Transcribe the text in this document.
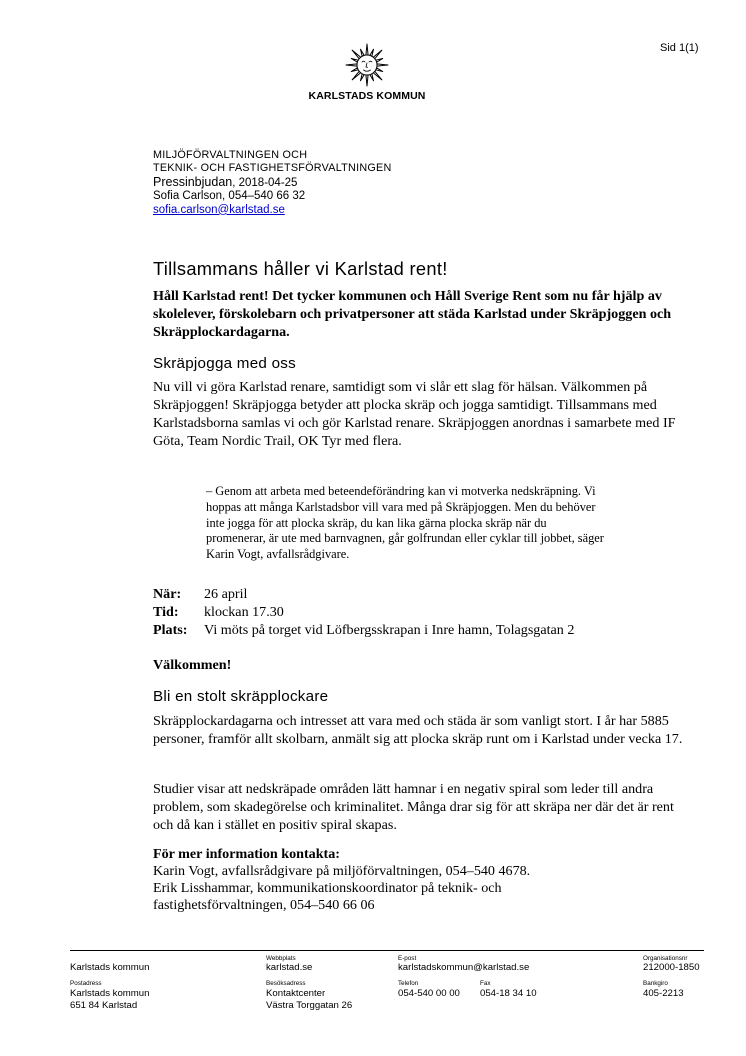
Sid 1(1)
KARLSTADS KOMMUN
MILJÖFÖRVALTNINGEN OCH
TEKNIK- OCH FASTIGHETSFÖRVALTNINGEN
Pressinbjudan, 2018-04-25
Sofia Carlson, 054–540 66 32
sofia.carlson@karlstad.se
Tillsammans håller vi Karlstad rent!

Håll Karlstad rent! Det tycker kommunen och Håll Sverige Rent som nu får hjälp av skolelever, förskolebarn och privatpersoner att städa Karlstad under Skräpjoggen och Skräpplockardagarna.

Skräpjogga med oss

Nu vill vi göra Karlstad renare, samtidigt som vi slår ett slag för hälsan. Välkommen på Skräpjoggen! Skräpjogga betyder att plocka skräp och jogga samtidigt. Tillsammans med Karlstadsborna samlas vi och gör Karlstad renare. Skräpjoggen anordnas i samarbete med IF Göta, Team Nordic Trail, OK Tyr med flera.

– Genom att arbeta med beteendeförändring kan vi motverka nedskräpning. Vi hoppas att många Karlstadsbor vill vara med på Skräpjoggen. Men du behöver inte jogga för att plocka skräp, du kan lika gärna plocka skräp när du promenerar, är ute med barnvagnen, går golfrundan eller cyklar till jobbet, säger Karin Vogt, avfallsrådgivare.

När:	26 april
Tid:	klockan 17.30
Plats:	Vi möts på torget vid Löfbergsskrapan i Inre hamn, Tolagsgatan 2
Välkommen!
Bli en stolt skräpplockare

Skräpplockardagarna och intresset att vara med och städa är som vanligt stort. I år har 5885 personer, framför allt skolbarn, anmält sig att plocka skräp runt om i Karlstad under vecka 17.

Studier visar att nedskräpade områden lätt hamnar i en negativ spiral som leder till andra problem, som skadegörelse och kriminalitet. Många drar sig för att skräpa ner där det är rent och då kan i stället en positiv spiral skapas.

För mer information kontakta:
Karin Vogt, avfallsrådgivare på miljöförvaltningen, 054–540 4678.
Erik Lisshammar, kommunikationskoordinator på teknik- och
fastighetsförvaltningen, 054–540 66 06
Karlstads kommun
Webbplats
karlstad.se
E-post
karlstadskommun@karlstad.se
Organisationsnr
212000-1850
Postadress
Karlstads kommun
651 84 Karlstad
Besöksadress
Kontaktcenter
Västra Torggatan 26
Telefon
054-540 00 00
Fax
054-18 34 10
Bankgiro
405-2213
